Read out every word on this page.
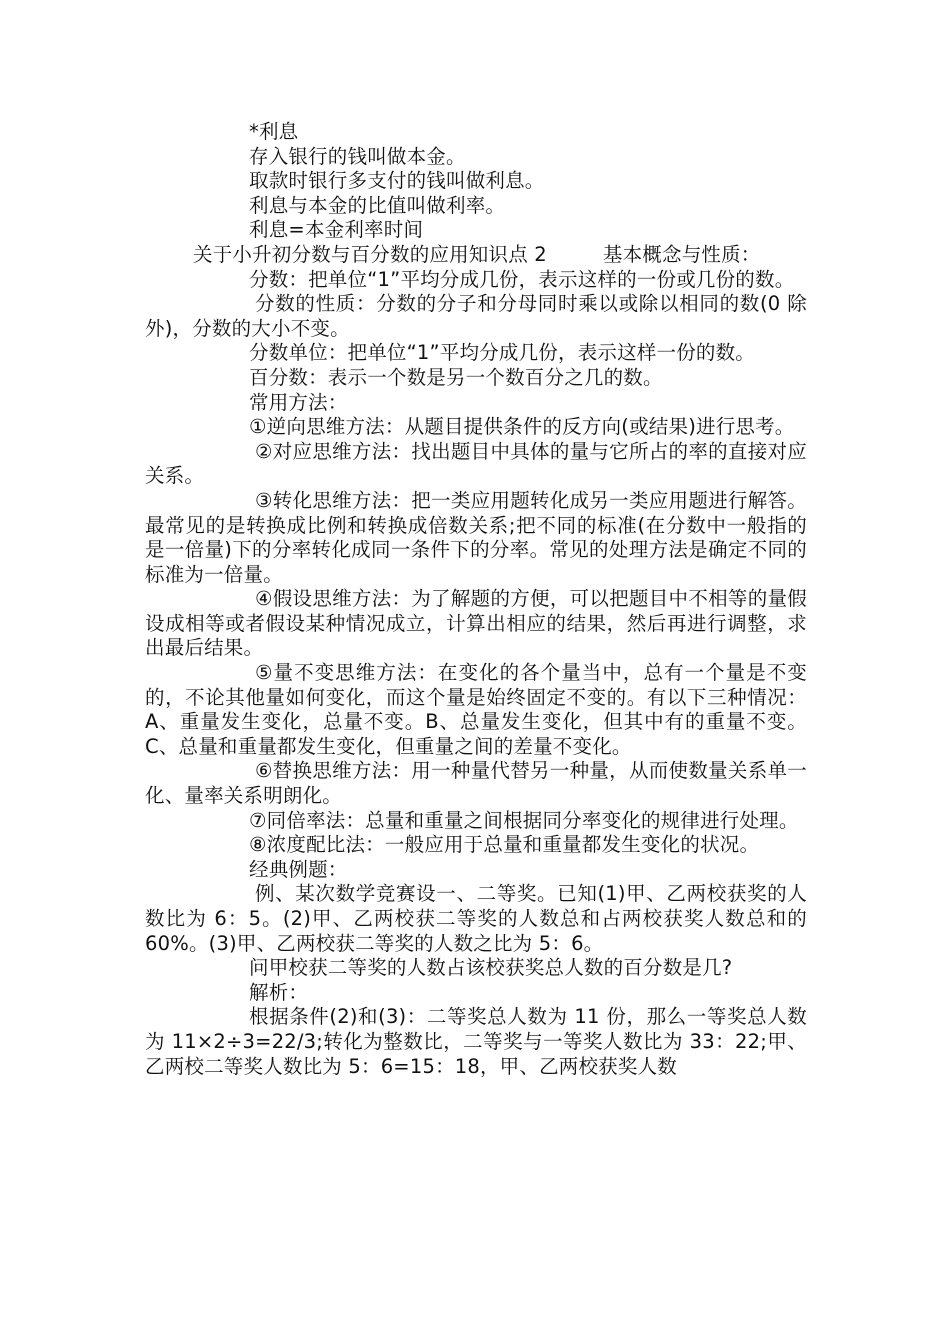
*利息

存入银行的钱叫做本金。

取款时银行多支付的钱叫做利息。

利息与本金的比值叫做利率。

利息=本金利率时间

关于小升初分数与百分数的应用知识点 2	基本概念与性质：

分数：把单位“1”平均分成几份，表示这样的一份或几份的数。

分数的性质：分数的分子和分母同时乘以或除以相同的数(0 除外)，分数的大小不变。

分数单位：把单位“1”平均分成几份，表示这样一份的数。

百分数：表示一个数是另一个数百分之几的数。

常用方法：

①逆向思维方法：从题目提供条件的反方向(或结果)进行思考。

②对应思维方法：找出题目中具体的量与它所占的率的直接对应关系。

③转化思维方法：把一类应用题转化成另一类应用题进行解答。最常见的是转换成比例和转换成倍数关系;把不同的标准(在分数中一般指的是一倍量)下的分率转化成同一条件下的分率。常见的处理方法是确定不同的标准为一倍量。

④假设思维方法：为了解题的方便，可以把题目中不相等的量假设成相等或者假设某种情况成立，计算出相应的结果，然后再进行调整，求出最后结果。

⑤量不变思维方法：在变化的各个量当中，总有一个量是不变的，不论其他量如何变化，而这个量是始终固定不变的。有以下三种情况：A、重量发生变化，总量不变。B、总量发生变化，但其中有的重量不变。C、总量和重量都发生变化，但重量之间的差量不变化。

⑥替换思维方法：用一种量代替另一种量，从而使数量关系单一化、量率关系明朗化。

⑦同倍率法：总量和重量之间根据同分率变化的规律进行处理。

⑧浓度配比法：一般应用于总量和重量都发生变化的状况。

经典例题：

例、某次数学竞赛设一、二等奖。已知(1)甲、乙两校获奖的人数比为 6：5。(2)甲、乙两校获二等奖的人数总和占两校获奖人数总和的 60%。(3)甲、乙两校获二等奖的人数之比为 5：6。

问甲校获二等奖的人数占该校获奖总人数的百分数是几?

解析：

根据条件(2)和(3)：二等奖总人数为 11 份，那么一等奖总人数为 11×2÷3=22/3;转化为整数比，二等奖与一等奖人数比为 33：22;甲、乙两校二等奖人数比为 5：6=15：18，甲、乙两校获奖人数
